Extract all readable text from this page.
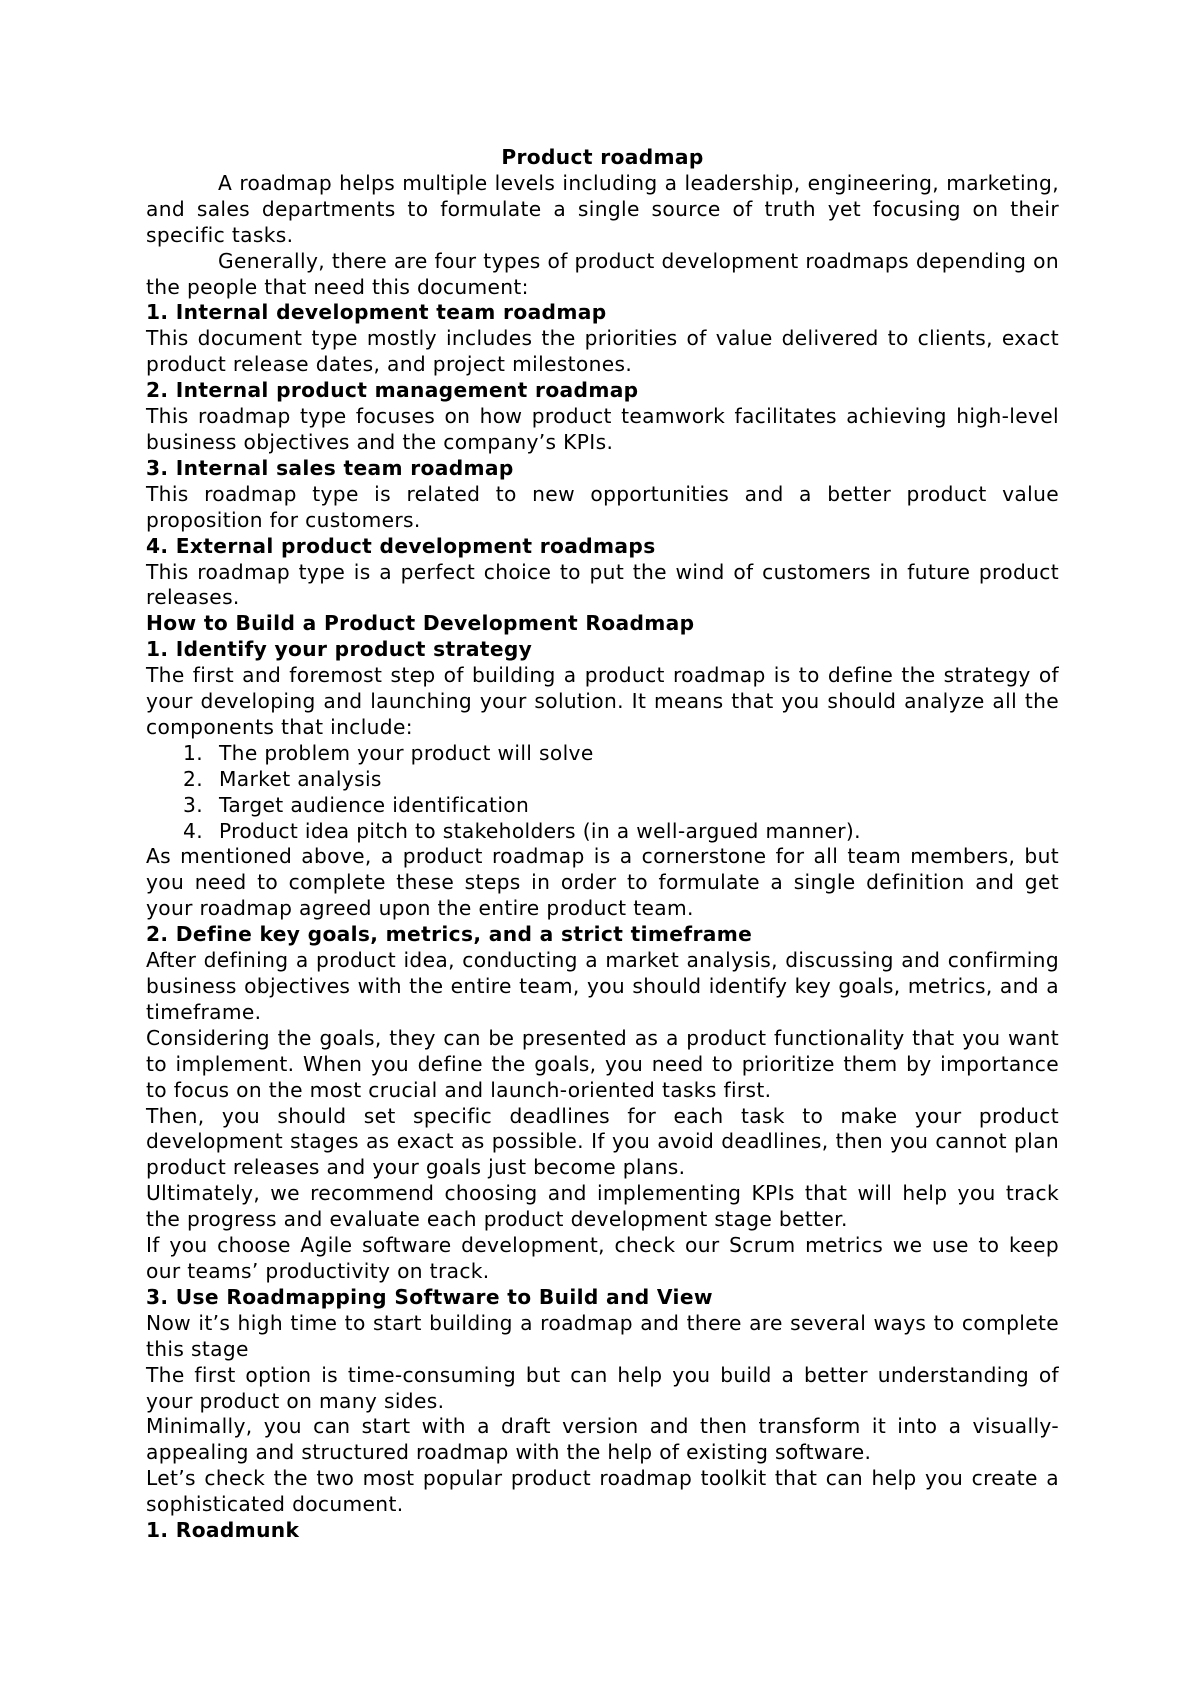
Product roadmap

A roadmap helps multiple levels including a leadership, engineering, marketing, and sales departments to formulate a single source of truth yet focusing on their specific tasks.

Generally, there are four types of product development roadmaps depending on the people that need this document:

1. Internal development team roadmap

This document type mostly includes the priorities of value delivered to clients, exact product release dates, and project milestones.

2. Internal product management roadmap

This roadmap type focuses on how product teamwork facilitates achieving high-level business objectives and the company’s KPIs.

3. Internal sales team roadmap

This roadmap type is related to new opportunities and a better product value proposition for customers.

4. External product development roadmaps

This roadmap type is a perfect choice to put the wind of customers in future product releases.

How to Build a Product Development Roadmap
1. Identify your product strategy

The first and foremost step of building a product roadmap is to define the strategy of your developing and launching your solution. It means that you should analyze all the components that include:

1. The problem your product will solve
2. Market analysis
3. Target audience identification
4. Product idea pitch to stakeholders (in a well-argued manner).

As mentioned above, a product roadmap is a cornerstone for all team members, but you need to complete these steps in order to formulate a single definition and get your roadmap agreed upon the entire product team.

2. Define key goals, metrics, and a strict timeframe

After defining a product idea, conducting a market analysis, discussing and confirming business objectives with the entire team, you should identify key goals, metrics, and a timeframe.

Considering the goals, they can be presented as a product functionality that you want to implement. When you define the goals, you need to prioritize them by importance to focus on the most crucial and launch-oriented tasks first.

Then, you should set specific deadlines for each task to make your product development stages as exact as possible. If you avoid deadlines, then you cannot plan product releases and your goals just become plans.

Ultimately, we recommend choosing and implementing KPIs that will help you track the progress and evaluate each product development stage better.

If you choose Agile software development, check our Scrum metrics we use to keep our teams’ productivity on track.

3. Use Roadmapping Software to Build and View

Now it’s high time to start building a roadmap and there are several ways to complete this stage

The first option is time-consuming but can help you build a better understanding of your product on many sides.

Minimally, you can start with a draft version and then transform it into a visually-appealing and structured roadmap with the help of existing software.

Let’s check the two most popular product roadmap toolkit that can help you create a sophisticated document.

1. Roadmunk
